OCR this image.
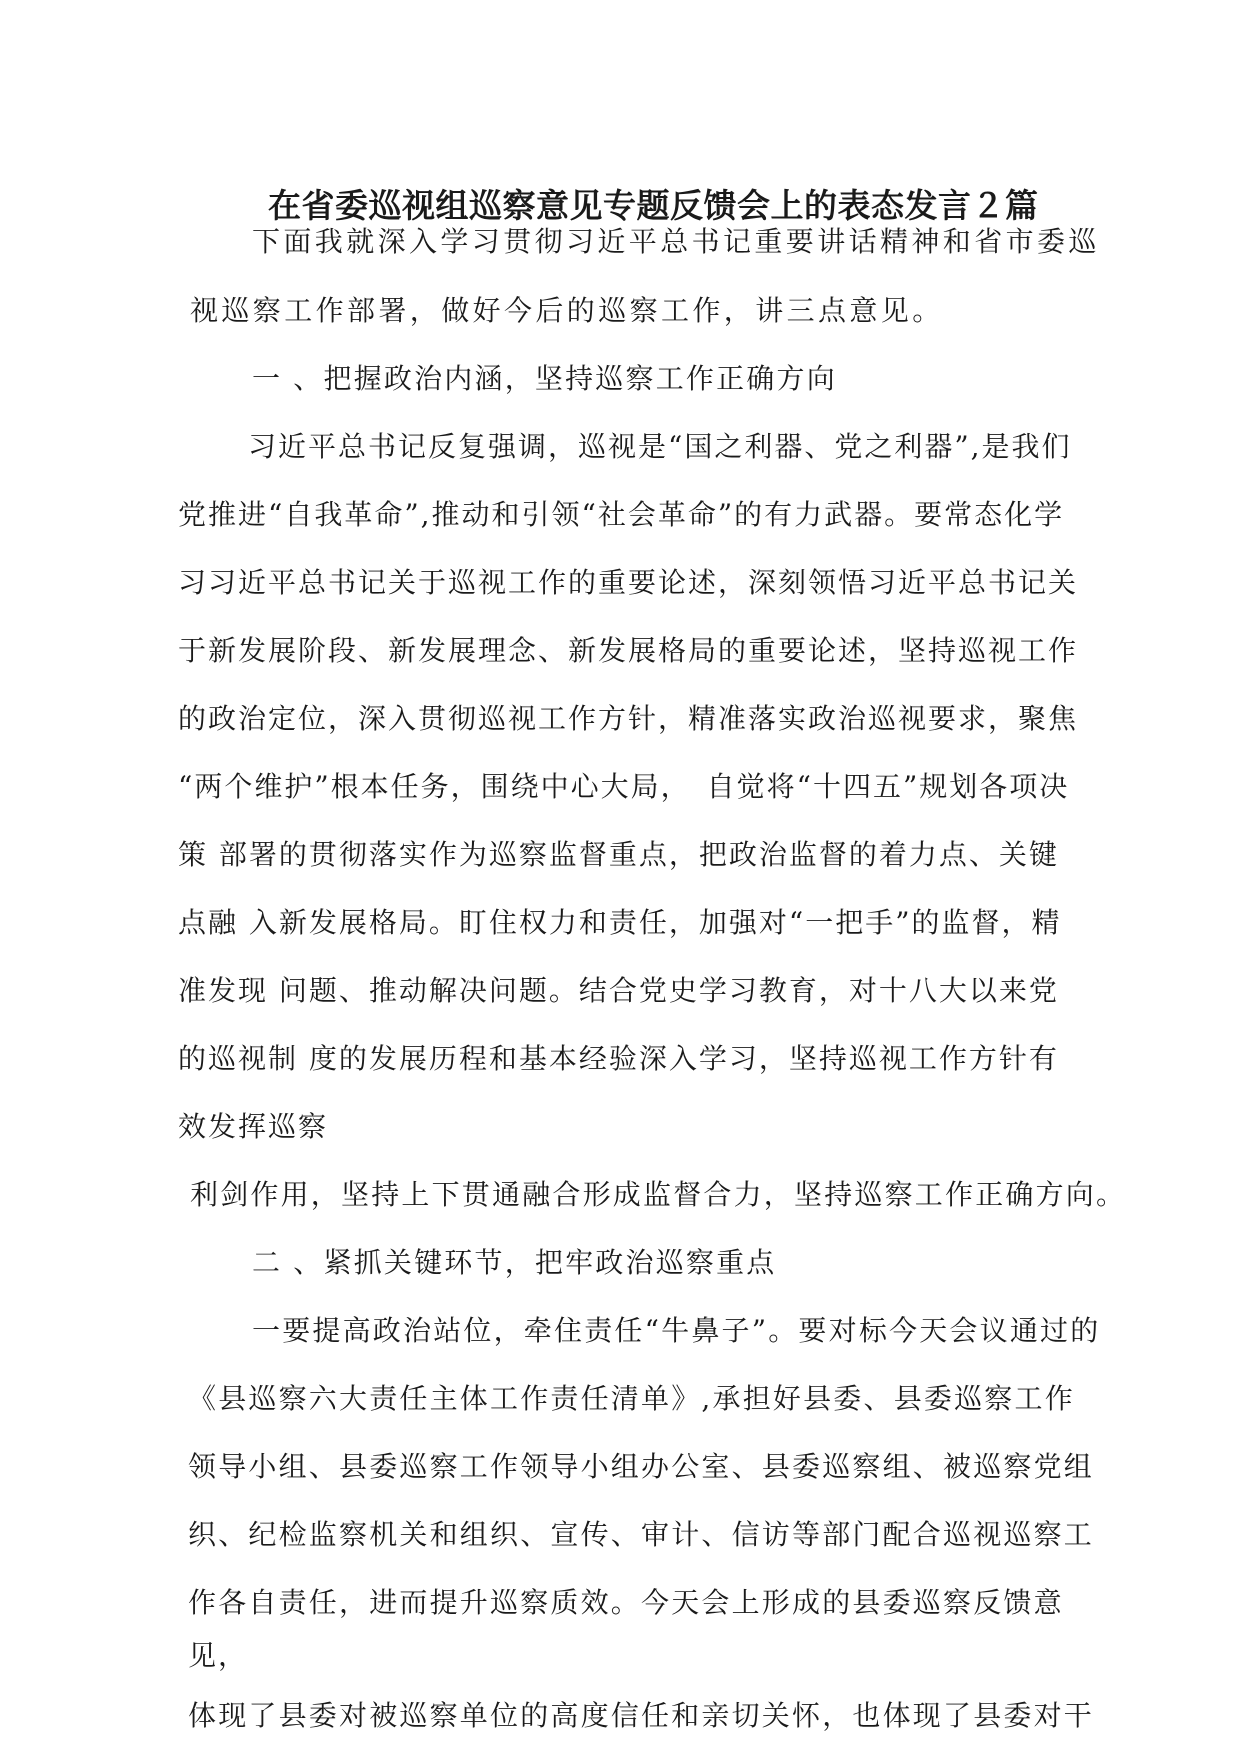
在省委巡视组巡察意见专题反馈会上的表态发言２篇
下面我就深入学习贯彻习近平总书记重要讲话精神和省市委巡
视巡察工作部署，做好今后的巡察工作，讲三点意见。
一 、把握政治内涵，坚持巡察工作正确方向
习近平总书记反复强调，巡视是“国之利器、党之利器”,是我们
党推进“自我革命”,推动和引领“社会革命”的有力武器。要常态化学
习习近平总书记关于巡视工作的重要论述，深刻领悟习近平总书记关
于新发展阶段、新发展理念、新发展格局的重要论述，坚持巡视工作
的政治定位，深入贯彻巡视工作方针，精准落实政治巡视要求，聚焦
“两个维护”根本任务，围绕中心大局，　自觉将“十四五”规划各项决
策 部署的贯彻落实作为巡察监督重点，把政治监督的着力点、关键
点融 入新发展格局。盯住权力和责任，加强对“一把手”的监督，精
准发现 问题、推动解决问题。结合党史学习教育，对十八大以来党
的巡视制 度的发展历程和基本经验深入学习，坚持巡视工作方针有
效发挥巡察
利剑作用，坚持上下贯通融合形成监督合力，坚持巡察工作正确方向。
二 、紧抓关键环节，把牢政治巡察重点
一要提高政治站位，牵住责任“牛鼻子”。要对标今天会议通过的
《县巡察六大责任主体工作责任清单》,承担好县委、县委巡察工作
领导小组、县委巡察工作领导小组办公室、县委巡察组、被巡察党组
织、纪检监察机关和组织、宣传、审计、信访等部门配合巡视巡察工
作各自责任，进而提升巡察质效。今天会上形成的县委巡察反馈意
见，
体现了县委对被巡察单位的高度信任和亲切关怀，也体现了县委对干
